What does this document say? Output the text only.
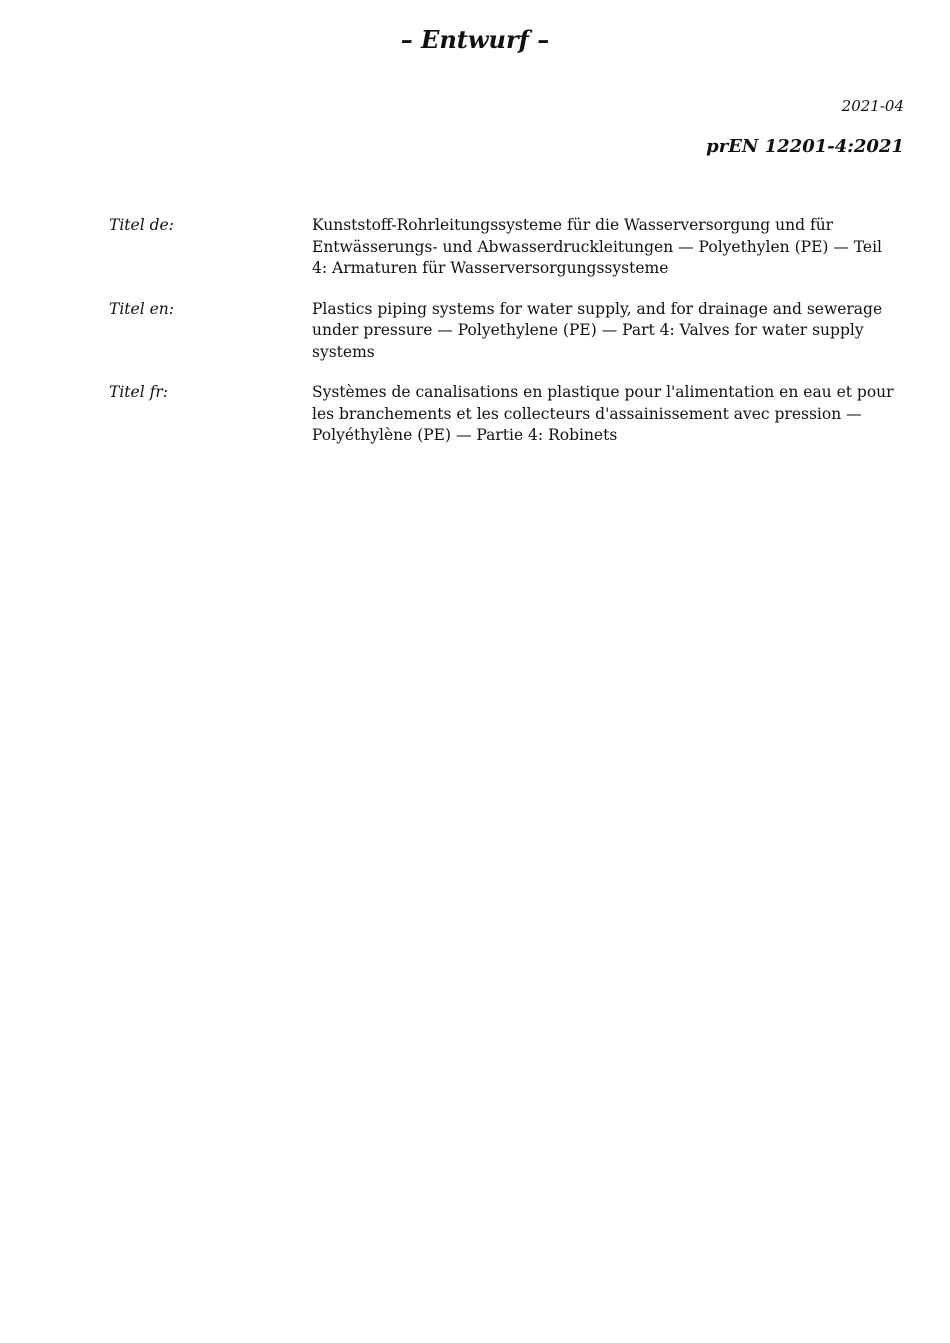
– Entwurf –
2021-04
prEN 12201-4:2021
Titel de:	Kunststoff-Rohrleitungssysteme für die Wasserversorgung und für Entwässerungs- und Abwasserdruckleitungen — Polyethylen (PE) — Teil 4: Armaturen für Wasserversorgungssysteme
Titel en:	Plastics piping systems for water supply, and for drainage and sewerage under pressure — Polyethylene (PE) — Part 4: Valves for water supply systems
Titel fr:	Systèmes de canalisations en plastique pour l'alimentation en eau et pour les branchements et les collecteurs d'assainissement avec pression — Polyéthylène (PE) — Partie 4: Robinets
